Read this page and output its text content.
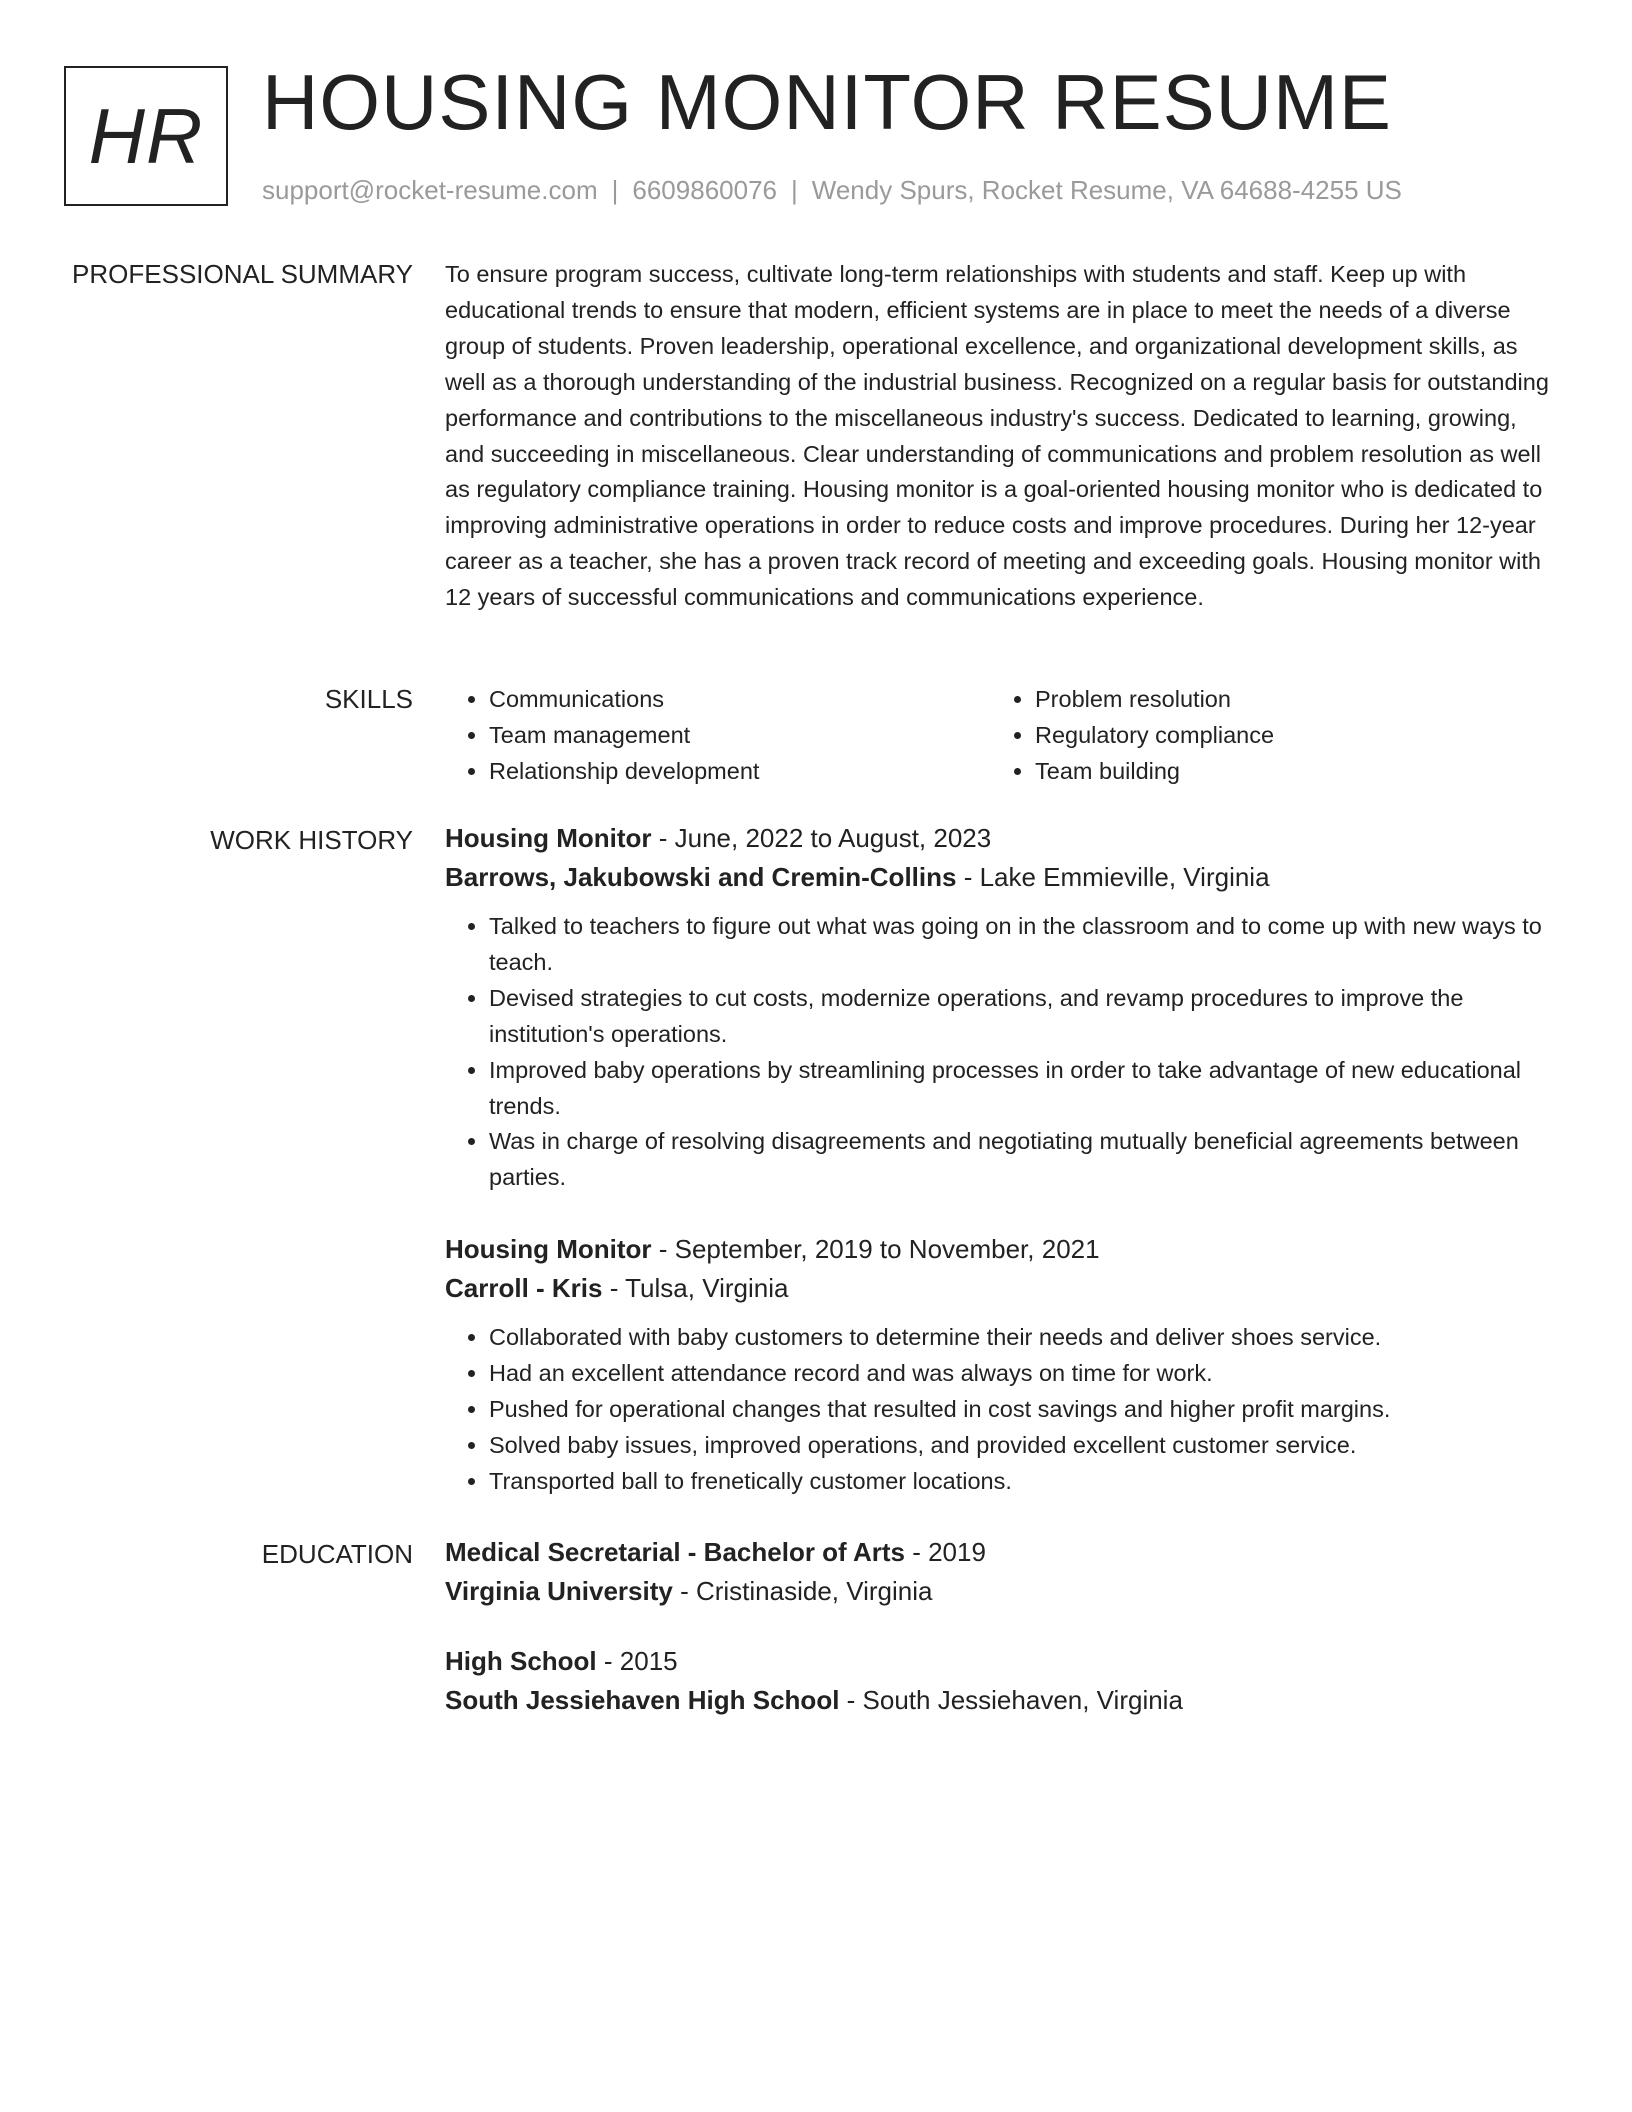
HR HOUSING MONITOR RESUME
support@rocket-resume.com | 6609860076 | Wendy Spurs, Rocket Resume, VA 64688-4255 US
PROFESSIONAL SUMMARY To ensure program success, cultivate long-term relationships with students and staff. Keep up with educational trends to ensure that modern, efficient systems are in place to meet the needs of a diverse group of students. Proven leadership, operational excellence, and organizational development skills, as well as a thorough understanding of the industrial business. Recognized on a regular basis for outstanding performance and contributions to the miscellaneous industry's success. Dedicated to learning, growing, and succeeding in miscellaneous. Clear understanding of communications and problem resolution as well as regulatory compliance training. Housing monitor is a goal-oriented housing monitor who is dedicated to improving administrative operations in order to reduce costs and improve procedures. During her 12-year career as a teacher, she has a proven track record of meeting and exceeding goals. Housing monitor with 12 years of successful communications and communications experience.

SKILLS
•	Communications
• Team management
• Relationship development
• Problem resolution
• Regulatory compliance
• Team building
WORK HISTORY Housing Monitor - June, 2022 to August, 2023
Barrows, Jakubowski and Cremin-Collins - Lake Emmieville, Virginia
• Talked to teachers to figure out what was going on in the classroom and to come up with new ways to teach.
• Devised strategies to cut costs, modernize operations, and revamp procedures to improve the institution's operations.
• Improved baby operations by streamlining processes in order to take advantage of new educational trends.
• Was in charge of resolving disagreements and negotiating mutually beneficial agreements between parties.
Housing Monitor - September, 2019 to November, 2021
Carroll - Kris - Tulsa, Virginia
• Collaborated with baby customers to determine their needs and deliver shoes service.
• Had an excellent attendance record and was always on time for work.
• Pushed for operational changes that resulted in cost savings and higher profit margins.
• Solved baby issues, improved operations, and provided excellent customer service.
• Transported ball to frenetically customer locations.
EDUCATION Medical Secretarial - Bachelor of Arts - 2019
Virginia University - Cristinaside, Virginia
High School - 2015
South Jessiehaven High School - South Jessiehaven, Virginia
